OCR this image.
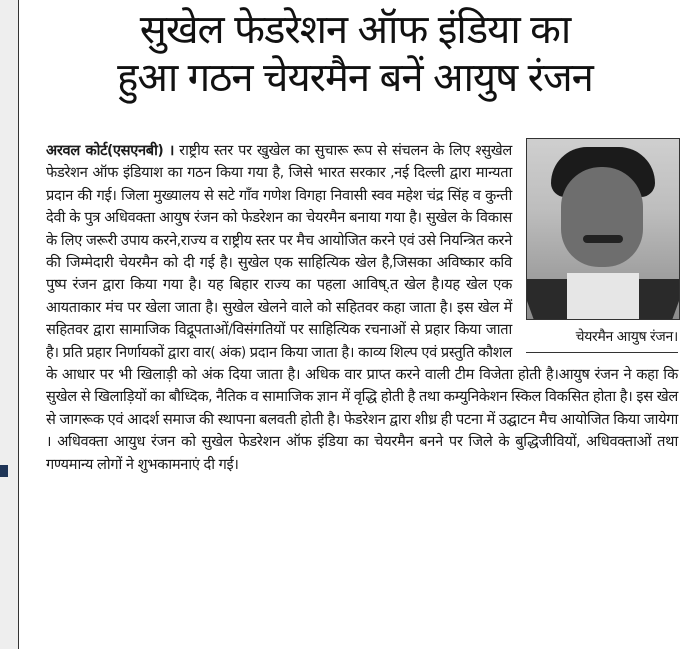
सुखेल फेडरेशन ऑफ इंडिया का
हुआ गठन चेयरमैन बनें आयुष रंजन
चेयरमैन आयुष रंजन।

अरवल कोर्ट(एसएनबी) । राष्ट्रीय स्तर पर खुखेल का सुचारू रूप से संचलन के लिए श्सुखेल फेडरेशन ऑफ इंडियाश का गठन किया गया है, जिसे भारत सरकार ,नई दिल्ली द्वारा मान्यता प्रदान की गई। जिला मुख्यालय से सटे गाँव गणेश विगहा निवासी स्वव महेश चंद्र सिंह व कुन्ती देवी के पुत्र अधिवक्ता आयुष रंजन को फेडरेशन का चेयरमैन बनाया गया है। सुखेल के विकास के लिए जरूरी उपाय करने,राज्य व राष्ट्रीय स्तर पर मैच आयोजित करने एवं उसे नियन्त्रित करने की जिम्मेदारी चेयरमैन को दी गई है। सुखेल एक साहित्यिक खेल है,जिसका अविष्कार कवि पुष्प रंजन द्वारा किया गया है। यह बिहार राज्य का पहला आविष्.त खेल है।यह खेल एक आयताकार मंच पर खेला जाता है। सुखेल खेलने वाले को सहितवर कहा जाता है। इस खेल में सहितवर द्वारा सामाजिक विद्रूपताओं/विसंगतियों पर साहित्यिक रचनाओं से प्रहार किया जाता है। प्रति प्रहार निर्णायकों द्वारा वार( अंक) प्रदान किया जाता है। काव्य शिल्प एवं प्रस्तुति कौशल के आधार पर भी खिलाड़ी को अंक दिया जाता है। अधिक वार प्राप्त करने वाली टीम विजेता होती है।आयुष रंजन ने कहा कि सुखेल से खिलाड़ियों का बौध्दिक, नैतिक व सामाजिक ज्ञान में वृद्धि होती है तथा कम्युनिकेशन स्किल विकसित होता है। इस खेल से जागरूक एवं आदर्श समाज की स्थापना बलवती होती है। फेडरेशन द्वारा शीध्र ही पटना में उद्घाटन मैच आयोजित किया जायेगा । अधिवक्ता आयुध रंजन को सुखेल फेडरेशन ऑफ इंडिया का चेयरमैन बनने पर जिले के बुद्धिजीवियों, अधिवक्ताओं तथा गण्यमान्य लोगों ने शुभकामनाएं दी गई।
